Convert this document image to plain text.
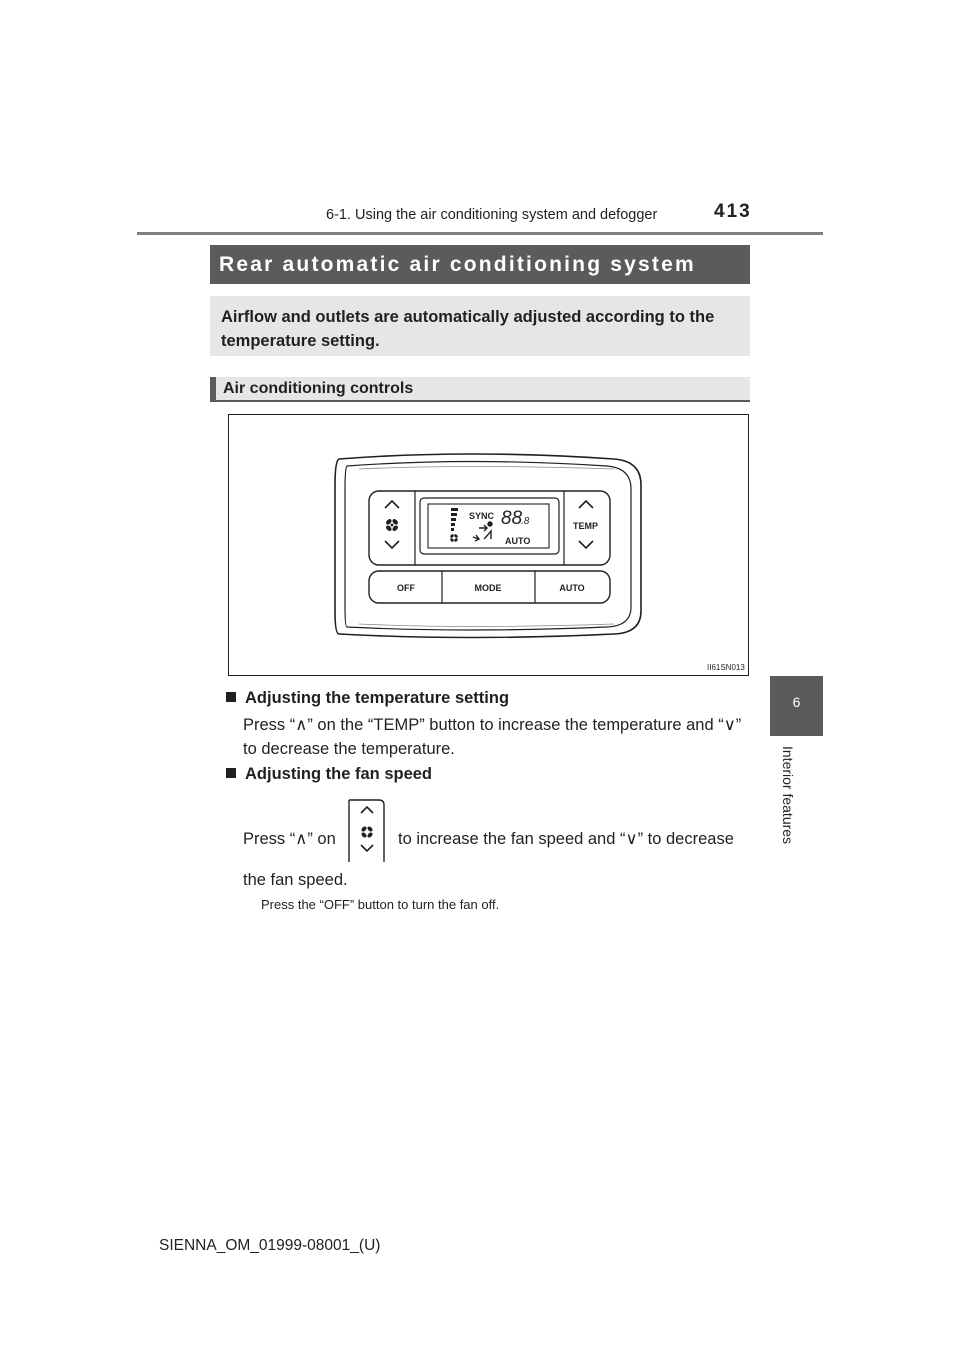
6-1. Using the air conditioning system and defogger	413
6
Interior features
Rear automatic air conditioning system
Airflow and outlets are automatically adjusted according to the temperature setting.
Air conditioning controls
SYNC 88
.8
AUTO
TEMP
OFF	MODE	AUTO
II61SN013
Adjusting the temperature setting
Press “∧” on the “TEMP” button to increase the temperature and “∨”
to decrease the temperature.
Adjusting the fan speed
Press “∧” on	to increase the fan speed and “∨” to decrease
the fan speed.
Press the “OFF” button to turn the fan off.
SIENNA_OM_01999-08001_(U)
